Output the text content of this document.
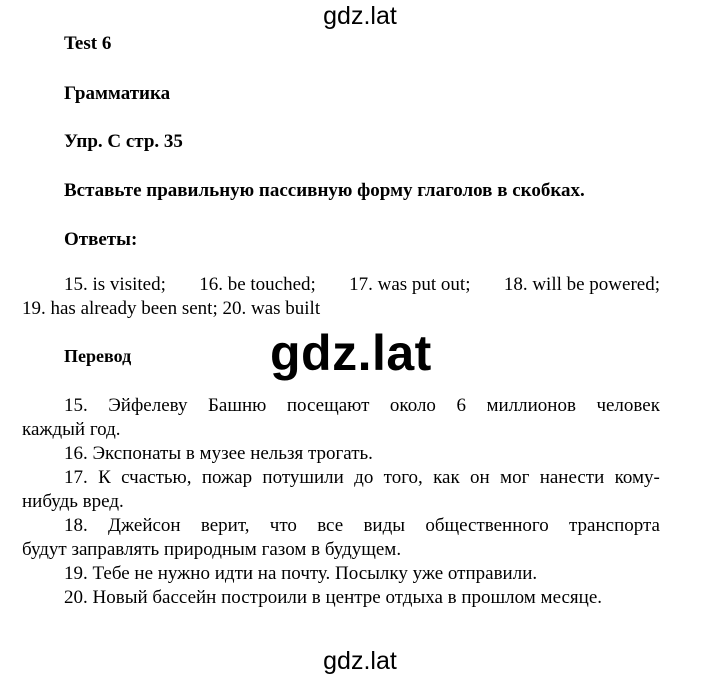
gdz.lat
gdz.lat
gdz.lat
Test 6
Грамматика
Упр. С стр. 35
Вставьте правильную пассивную форму глаголов в скобках.
Ответы:
15. is visited; 16. be touched; 17. was put out; 18. will be powered;
19. has already been sent; 20. was built
Перевод
15. Эйфелеву Башню посещают около 6 миллионов человек
каждый год.
16. Экспонаты в музее нельзя трогать.
17. К счастью, пожар потушили до того, как он мог нанести кому-
нибудь вред.
18. Джейсон верит, что все виды общественного транспорта
будут заправлять природным газом в будущем.
19. Тебе не нужно идти на почту. Посылку уже отправили.
20. Новый бассейн построили в центре отдыха в прошлом месяце.
